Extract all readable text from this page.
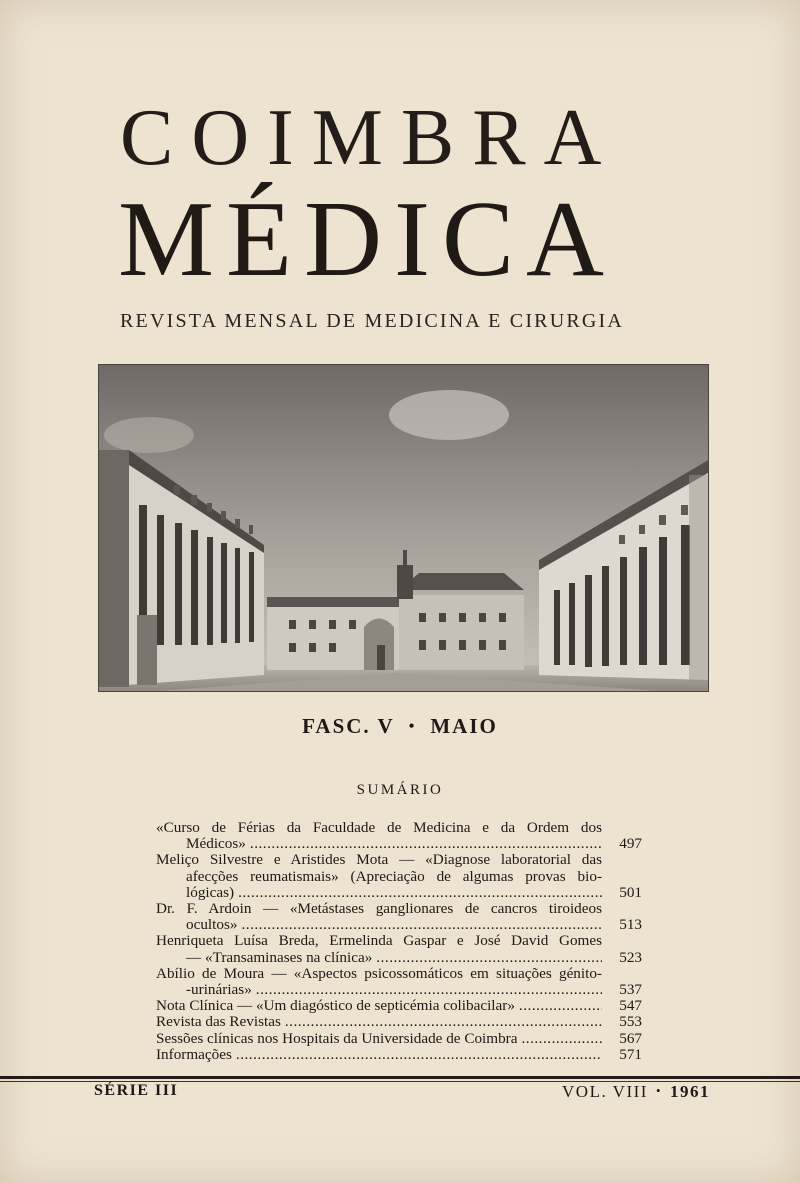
COIMBRA
MÉDICA
REVISTA MENSAL DE MEDICINA E CIRURGIA
FASC. V • MAIO
SUMÁRIO
«Curso de Férias da Faculdade de Medicina e da Ordem dos
Médicos» .....	497
Meliço Silvestre e Aristides Mota — «Diagnose laboratorial das
afecções reumatismais» (Apreciação de algumas provas bio-
lógicas) .....	501
Dr. F. Ardoin — «Metástases ganglionares de cancros tiroideos
ocultos» .....	513
Henriqueta Luísa Breda, Ermelinda Gaspar e José David Gomes
— «Transaminases na clínica» .....	523
Abílio de Moura — «Aspectos psicossomáticos em situações génito-
-urinárias» .....	537
Nota Clínica — «Um diagóstico de septicémia colibacilar» .....	547
Revista das Revistas .....	553
Sessões clínicas nos Hospitais da Universidade de Coimbra .....	567
Informações .....	571
SÉRIE III	VOL. VIII • 1961
